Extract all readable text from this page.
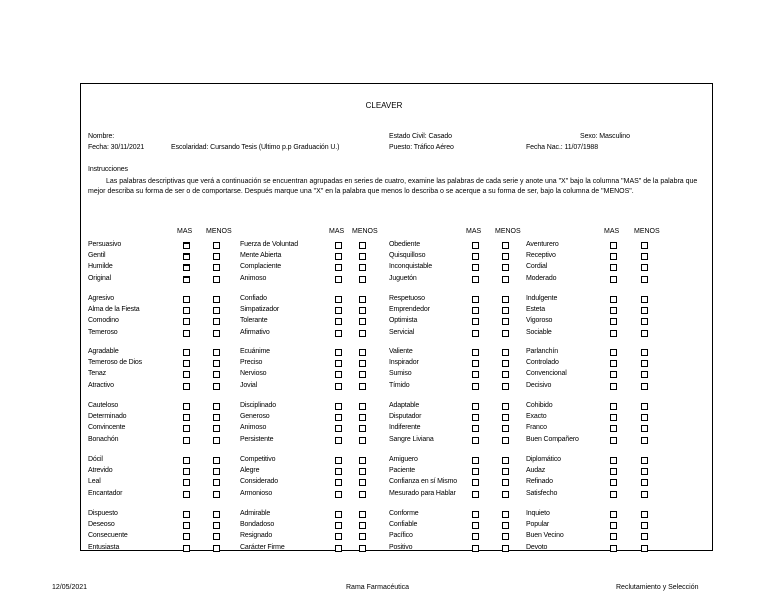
CLEAVER
Nombre:	Estado Civil: Casado	Sexo: Masculino
Fecha: 30/11/2021	Escolaridad: Cursando Tesis (Ultimo p.p Graduación U.)	Puesto: Tráfico Aéreo	Fecha Nac.: 11/07/1988
Instrucciones
Las palabras descriptivas que verá a continuación se encuentran agrupadas en series de cuatro, examine las palabras de cada serie y anote una "X" bajo la columna "MAS" de la palabra que mejor describa su forma de ser o de comportarse. Después marque una "X" en la palabra que menos lo describa o se acerque a su forma de ser, bajo la columna de "MENOS".
MAS MENOS
Persuasivo
Gentil
Humilde
Original
Agresivo
Alma de la Fiesta
Comodino
Temeroso
Agradable
Temeroso de Dios
Tenaz
Atractivo
Cauteloso
Determinado
Convincente
Bonachón
Dócil
Atrevido
Leal
Encantador
Dispuesto
Deseoso
Consecuente
Entusiasta
MAS MENOS
Fuerza de Voluntad
Mente Abierta
Complaciente
Animoso
Confiado
Simpatizador
Tolerante
Afirmativo
Ecuánime
Preciso
Nervioso
Jovial
Disciplinado
Generoso
Animoso
Persistente
Competitivo
Alegre
Considerado
Armonioso
Admirable
Bondadoso
Resignado
Carácter Firme
MAS MENOS
Obediente
Quisquilloso
Inconquistable
Juguetón
Respetuoso
Emprendedor
Optimista
Servicial
Valiente
Inspirador
Sumiso
Tímido
Adaptable
Disputador
Indiferente
Sangre Liviana
Amiguero
Paciente
Confianza en sí Mismo
Mesurado para Hablar
Conforme
Confiable
Pacífico
Positivo
MAS MENOS
Aventurero
Receptivo
Cordial
Moderado
Indulgente
Esteta
Vigoroso
Sociable
Parlanchín
Controlado
Convencional
Decisivo
Cohibido
Exacto
Franco
Buen Compañero
Diplomático
Audaz
Refinado
Satisfecho
Inquieto
Popular
Buen Vecino
Devoto
12/05/2021	Rama Farmacéutica	Reclutamiento y Selección
